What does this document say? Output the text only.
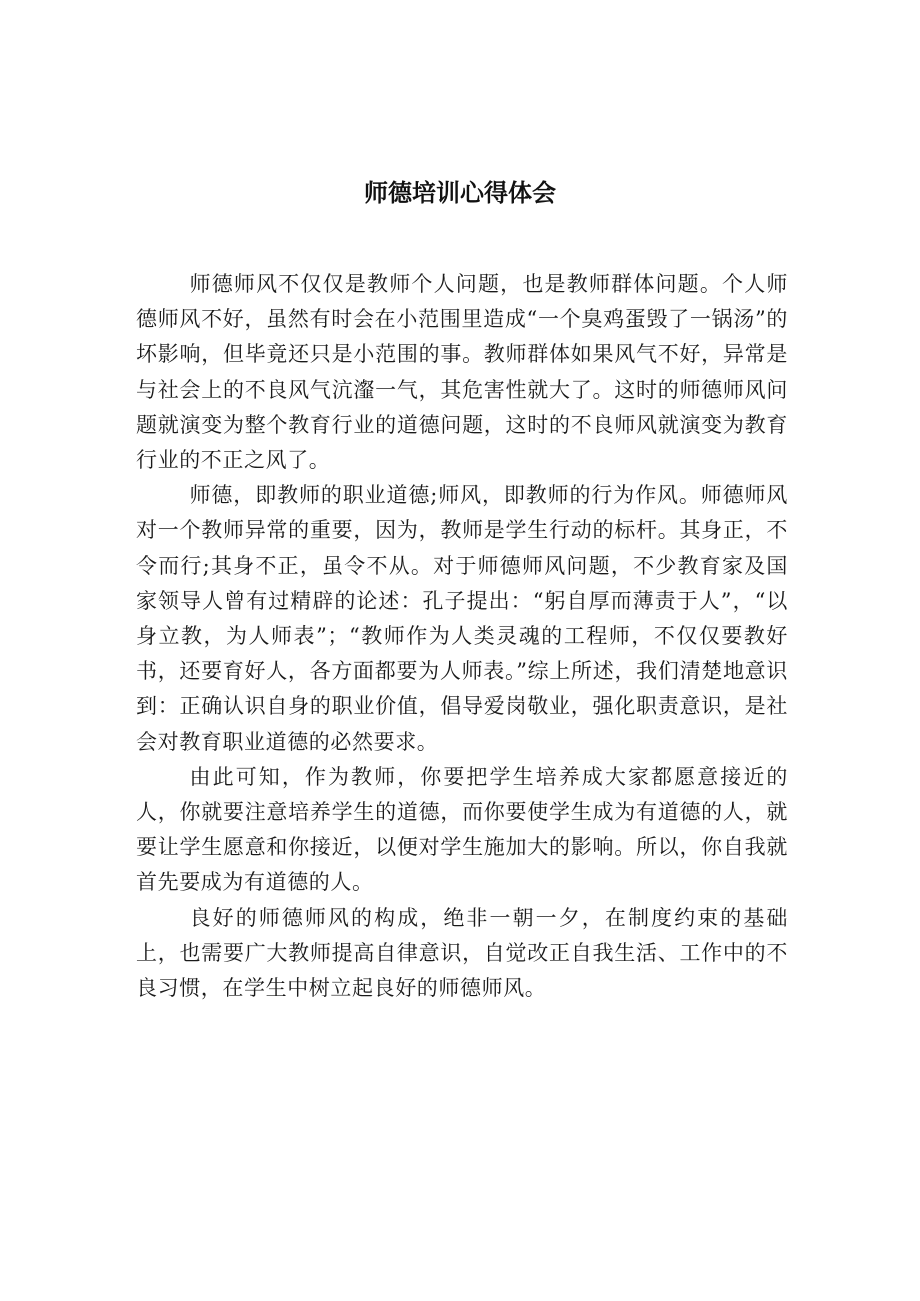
师德培训心得体会

师德师风不仅仅是教师个人问题，也是教师群体问题。个人师德师风不好，虽然有时会在小范围里造成“一个臭鸡蛋毁了一锅汤”的坏影响，但毕竟还只是小范围的事。教师群体如果风气不好，异常是与社会上的不良风气沆瀣一气，其危害性就大了。这时的师德师风问题就演变为整个教育行业的道德问题，这时的不良师风就演变为教育行业的不正之风了。

师德，即教师的职业道德;师风，即教师的行为作风。师德师风对一个教师异常的重要，因为，教师是学生行动的标杆。其身正，不令而行;其身不正，虽令不从。对于师德师风问题，不少教育家及国家领导人曾有过精辟的论述：孔子提出：“躬自厚而薄责于人”，“以身立教，为人师表”；“教师作为人类灵魂的工程师，不仅仅要教好书，还要育好人，各方面都要为人师表。”综上所述，我们清楚地意识到：正确认识自身的职业价值，倡导爱岗敬业，强化职责意识，是社会对教育职业道德的必然要求。

由此可知，作为教师，你要把学生培养成大家都愿意接近的人，你就要注意培养学生的道德，而你要使学生成为有道德的人，就要让学生愿意和你接近，以便对学生施加大的影响。所以，你自我就首先要成为有道德的人。

良好的师德师风的构成，绝非一朝一夕，在制度约束的基础上，也需要广大教师提高自律意识，自觉改正自我生活、工作中的不良习惯，在学生中树立起良好的师德师风。
